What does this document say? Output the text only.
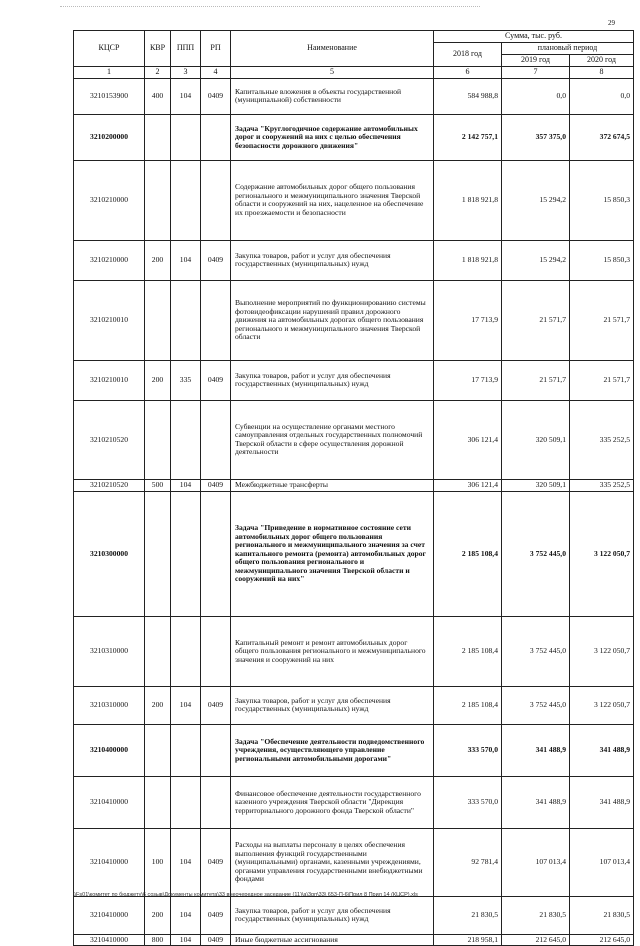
29
КЦСР	КВР	ППП	РП	Наименование	Сумма, тыс. руб.		
					2018 год	плановый период	
						2019 год	2020 год
1	2	3	4	5	6	7	8
3210153900	400	104	0409	Капитальные вложения в объекты государственной (муниципальной) собственности	584 988,8	0,0	0,0
3210200000				Задача "Круглогодичное содержание автомобильных дорог и сооружений на них с целью обеспечения безопасности дорожного движения"	2 142 757,1	357 375,0	372 674,5
3210210000				Содержание автомобильных дорог общего пользования регионального и межмуниципального значения Тверской области и сооружений на них, нацеленное на обеспечение их проезжаемости и безопасности	1 818 921,8	15 294,2	15 850,3
3210210000	200	104	0409	Закупка товаров, работ и услуг для обеспечения государственных (муниципальных) нужд	1 818 921,8	15 294,2	15 850,3
3210210010				Выполнение мероприятий по функционированию системы фотовидеофиксации нарушений правил дорожного движения на автомобильных дорогах общего пользования регионального и межмуниципального значения Тверской области	17 713,9	21 571,7	21 571,7
3210210010	200	335	0409	Закупка товаров, работ и услуг для обеспечения государственных (муниципальных) нужд	17 713,9	21 571,7	21 571,7
3210210520				Субвенции на осуществление органами местного самоуправления отдельных государственных полномочий Тверской области в сфере осуществления дорожной деятельности	306 121,4	320 509,1	335 252,5
3210210520	500	104	0409	Межбюджетные трансферты	306 121,4	320 509,1	335 252,5
3210300000				Задача "Приведение в нормативное состояние сети автомобильных дорог общего пользования регионального и межмуниципального значения за счет капитального ремонта (ремонта) автомобильных дорог общего пользования регионального и межмуниципального значения Тверской области и сооружений на них"	2 185 108,4	3 752 445,0	3 122 050,7
3210310000				Капитальный ремонт и ремонт автомобильных дорог общего пользования регионального и межмуниципального значения и сооружений на них	2 185 108,4	3 752 445,0	3 122 050,7
3210310000	200	104	0409	Закупка товаров, работ и услуг для обеспечения государственных (муниципальных) нужд	2 185 108,4	3 752 445,0	3 122 050,7
3210400000				Задача "Обеспечение деятельности подведомственного учреждения, осуществляющего управление региональными автомобильными дорогами"	333 570,0	341 488,9	341 488,9
3210410000				Финансовое обеспечение деятельности государственного казенного учреждения Тверской области "Дирекция территориального дорожного фонда Тверской области"	333 570,0	341 488,9	341 488,9
3210410000	100	104	0409	Расходы на выплаты персоналу в целях обеспечения выполнения функций государственными (муниципальными) органами, казенными учреждениями, органами управления государственными внебюджетными фондами	92 781,4	107 013,4	107 013,4
3210410000	200	104	0409	Закупка товаров, работ и услуг для обеспечения государственных (муниципальных) нужд	21 830,5	21 830,5	21 830,5
3210410000	800	104	0409	Иные бюджетные ассигнования	218 958,1	212 645,0	212 645,0
\\Fs01\комитет по бюджету\6 созыв\Документы комитета\33 внеочередное заседание (11)\а\3рп\33\ 653-П-6\Прил 8 Прил 14 (КЦСР).xls
